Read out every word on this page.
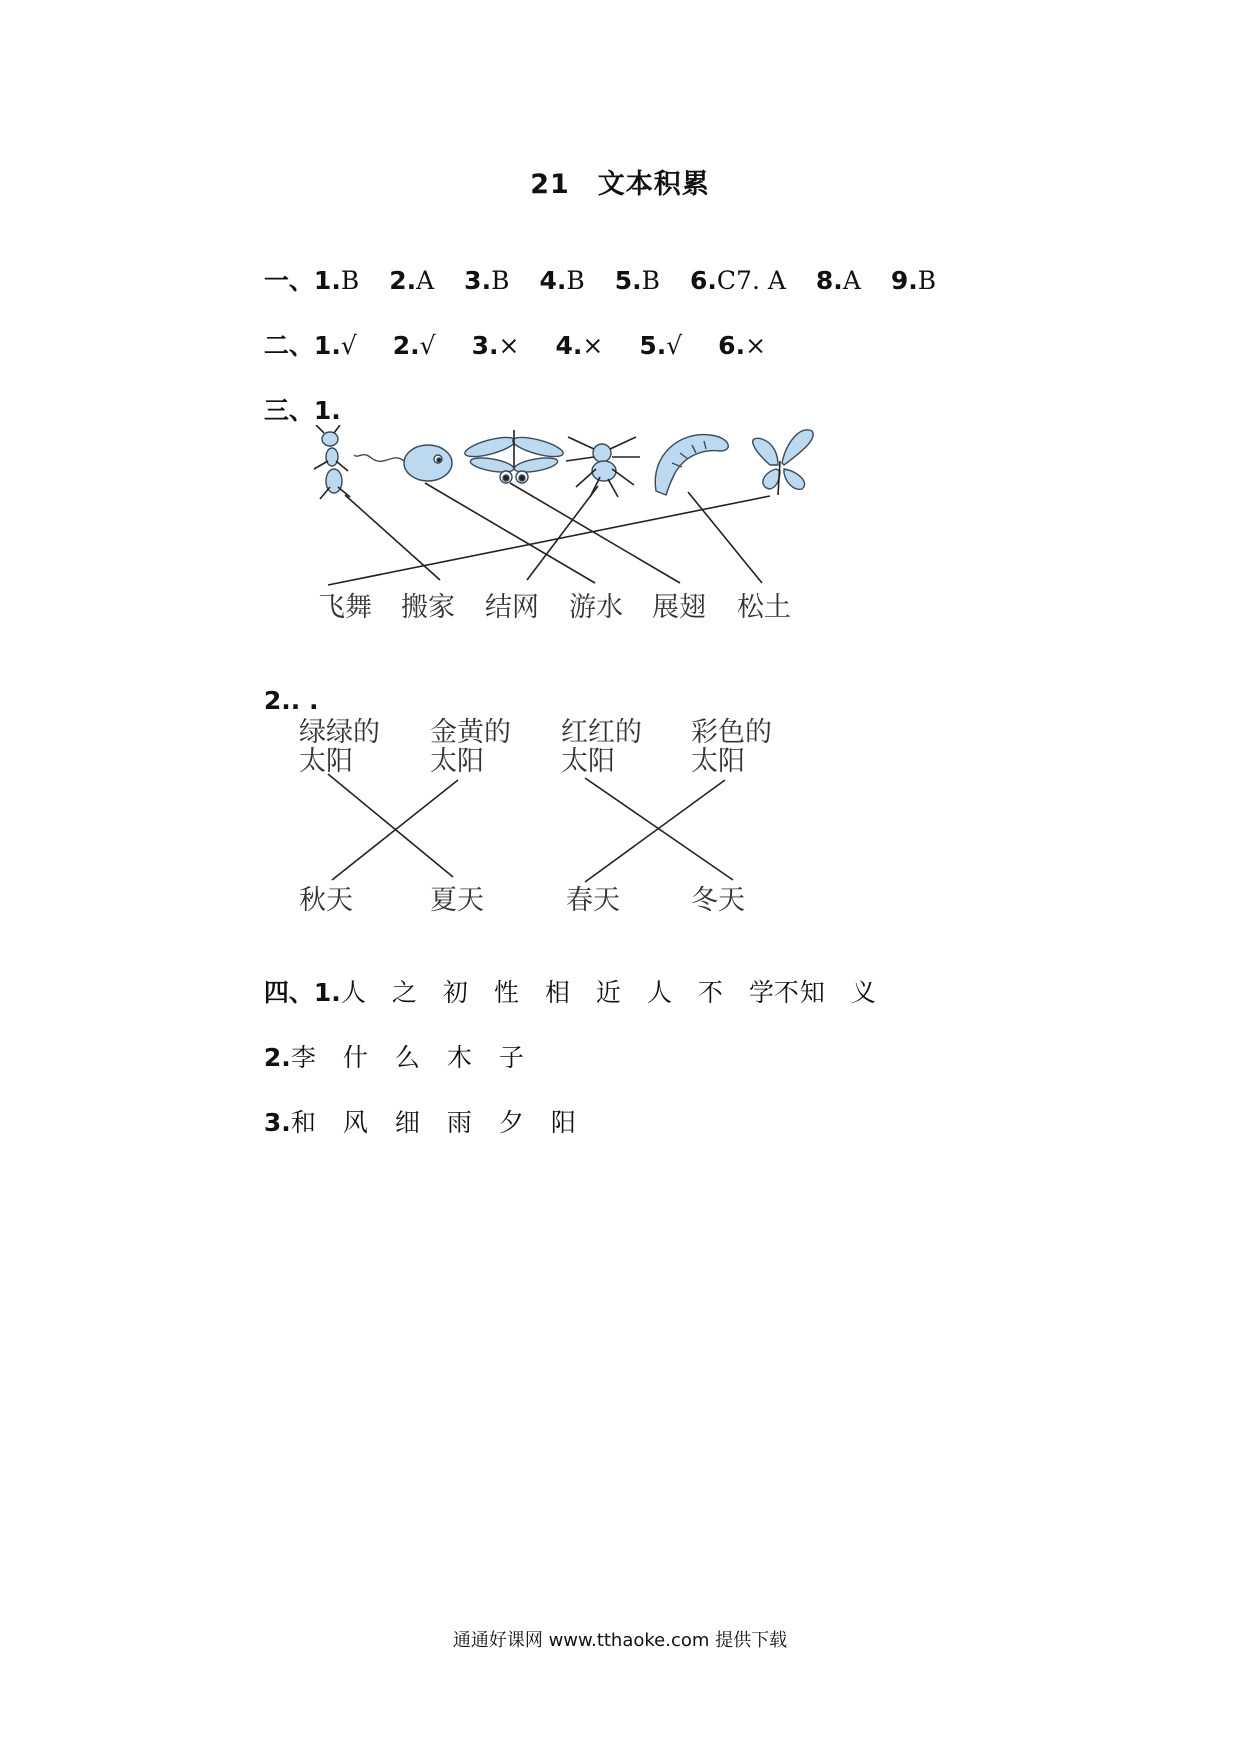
21 文本积累

一、1.B 2.A 3.B 4.B 5.B 6.C7. A 8.A 9.B

二、1.√ 2.√ 3.× 4.× 5.√ 6.×

三、1.

飞舞 搬家 结网 游水 展翅 松土

2.. .

绿绿的
太阳
金黄的
太阳
红红的
太阳
彩色的
太阳
秋天	夏天	春天	冬天

四、1.人 之 初 性 相 近 人 不 学不知 义

2.李 什 么 木 子

3.和 风 细 雨 夕 阳

通通好课网 www.tthaoke.com 提供下载
